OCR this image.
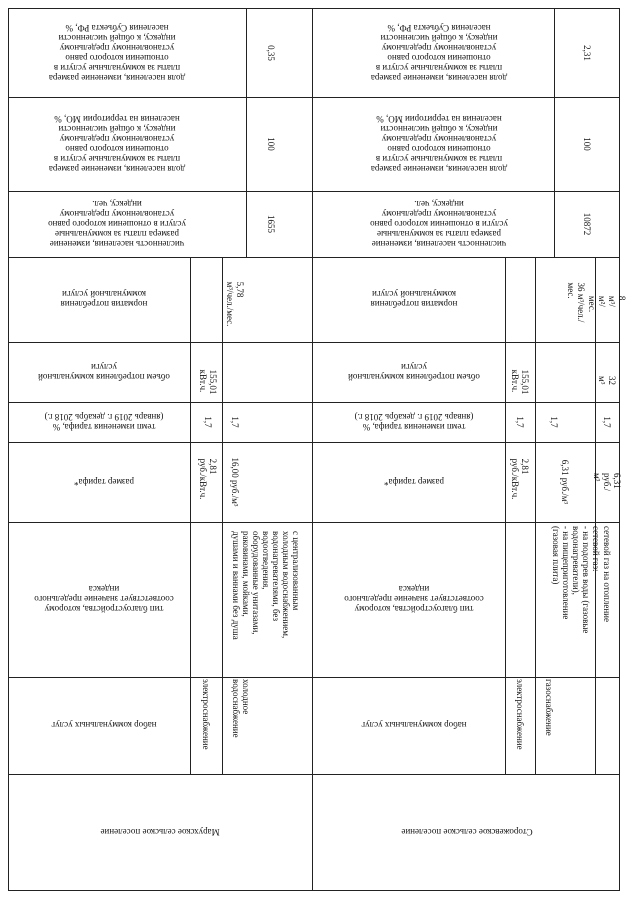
доля населения, изменение размера
платы за коммунальные услуги в
отношении которого равно
установленному предельному
индексу, к общей численности
населения Субъекта РФ, %
доля населения, изменение размера
платы за коммунальные услуги в
отношении которого равно
установленному предельному
индексу, к общей численности
населения на территории МО, %
численность населения, изменение
размера платы за коммунальные
услуги в отношении которого равно
установленному предельному
индексу, чел.
норматив потребления
коммунальной услуги
объем потребления коммунальной
услуги
темп изменения тарифа, %
(январь 2019 г. декабрь 2018 г.)
размер тарифа*
тип благоустройства, которому
соответствует значение предельного
индекса
набор коммунальных услуг
Марухское сельское поселение
0,35
100
1655
155,01
кВт.ч.
1,7
2,81
руб./кВт.ч.
электроснабжение
5,78
м³/чел./мес.
1,7
16,00 руб./м³
с централизованным
холодным водоснабжением,
водонагревателями, без
водоотведения,
оборудованные унитазами,
раковинами, мойками,
душами и ваннами без душа
холодное
водоснабжение
доля населения, изменение размера
платы за коммунальные услуги в
отношении которого равно
установленному предельному
индексу, к общей численности
населения Субъекта РФ, %
доля населения, изменение размера
платы за коммунальные услуги в
отношении которого равно
установленному предельному
индексу, к общей численности
населения на территории МО, %
численность населения, изменение
размера платы за коммунальные
услуги в отношении которого равно
установленному предельному
индексу, чел.
норматив потребления
коммунальной услуги
объем потребления коммунальной
услуги
темп изменения тарифа, %
(январь 2019 г. декабрь 2018 г.)
размер тарифа*
тип благоустройства, которому
соответствует значение предельного
индекса
набор коммунальных услуг
Сторожевское сельское поселение
2,31
100
10872
155,01
кВт.ч.
1,7
2,81
руб./кВт.ч.
электроснабжение
36 м³/чел./мес.
1,7
6,31 руб./м³
сетевой газ:
- на подогрев воды (газовые
водонагреватели),
- на пищеприготовление
(газовая плита)
газоснабжение
8 м³/м²/мес.
32 м³
1,7
6,31 руб./м³
сетевой газ на отопление
